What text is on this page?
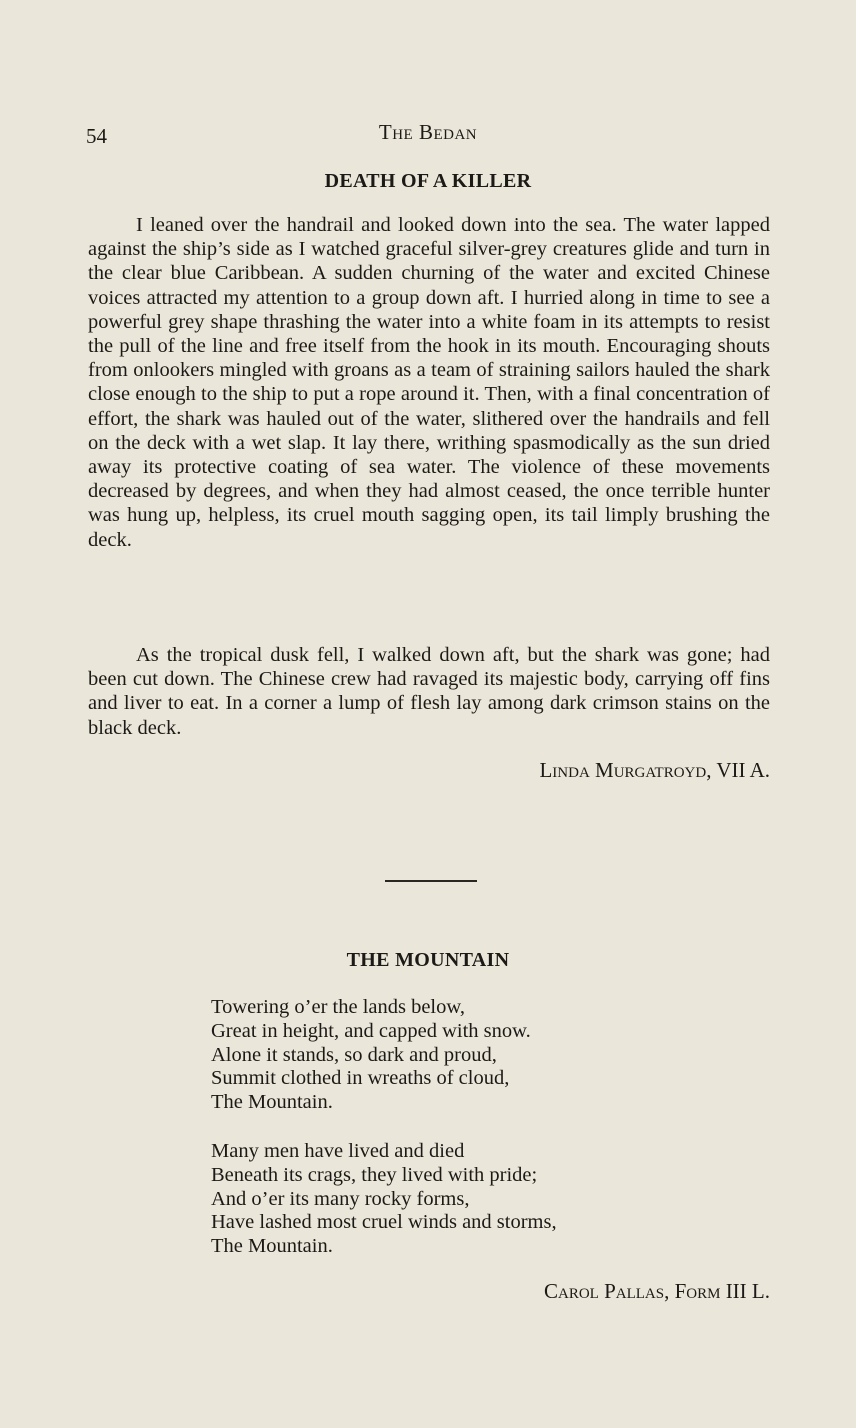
54	The Bedan
DEATH OF A KILLER

I leaned over the handrail and looked down into the sea. The water lapped against the ship’s side as I watched graceful silver-grey creatures glide and turn in the clear blue Caribbean. A sudden churning of the water and excited Chinese voices attracted my attention to a group down aft. I hurried along in time to see a powerful grey shape thrashing the water into a white foam in its attempts to resist the pull of the line and free itself from the hook in its mouth. Encouraging shouts from onlookers mingled with groans as a team of straining sailors hauled the shark close enough to the ship to put a rope around it. Then, with a final concentration of effort, the shark was hauled out of the water, slithered over the handrails and fell on the deck with a wet slap. It lay there, writhing spasmodically as the sun dried away its protective coating of sea water. The violence of these movements decreased by degrees, and when they had almost ceased, the once terrible hunter was hung up, helpless, its cruel mouth sagging open, its tail limply brushing the deck.

As the tropical dusk fell, I walked down aft, but the shark was gone; had been cut down. The Chinese crew had ravaged its majestic body, carrying off fins and liver to eat. In a corner a lump of flesh lay among dark crimson stains on the black deck.

Linda Murgatroyd, VII A.
THE MOUNTAIN
Towering o’er the lands below,
Great in height, and capped with snow.
Alone it stands, so dark and proud,
Summit clothed in wreaths of cloud,
The Mountain.
Many men have lived and died
Beneath its crags, they lived with pride;
And o’er its many rocky forms,
Have lashed most cruel winds and storms,
The Mountain.
Carol Pallas, Form III L.
